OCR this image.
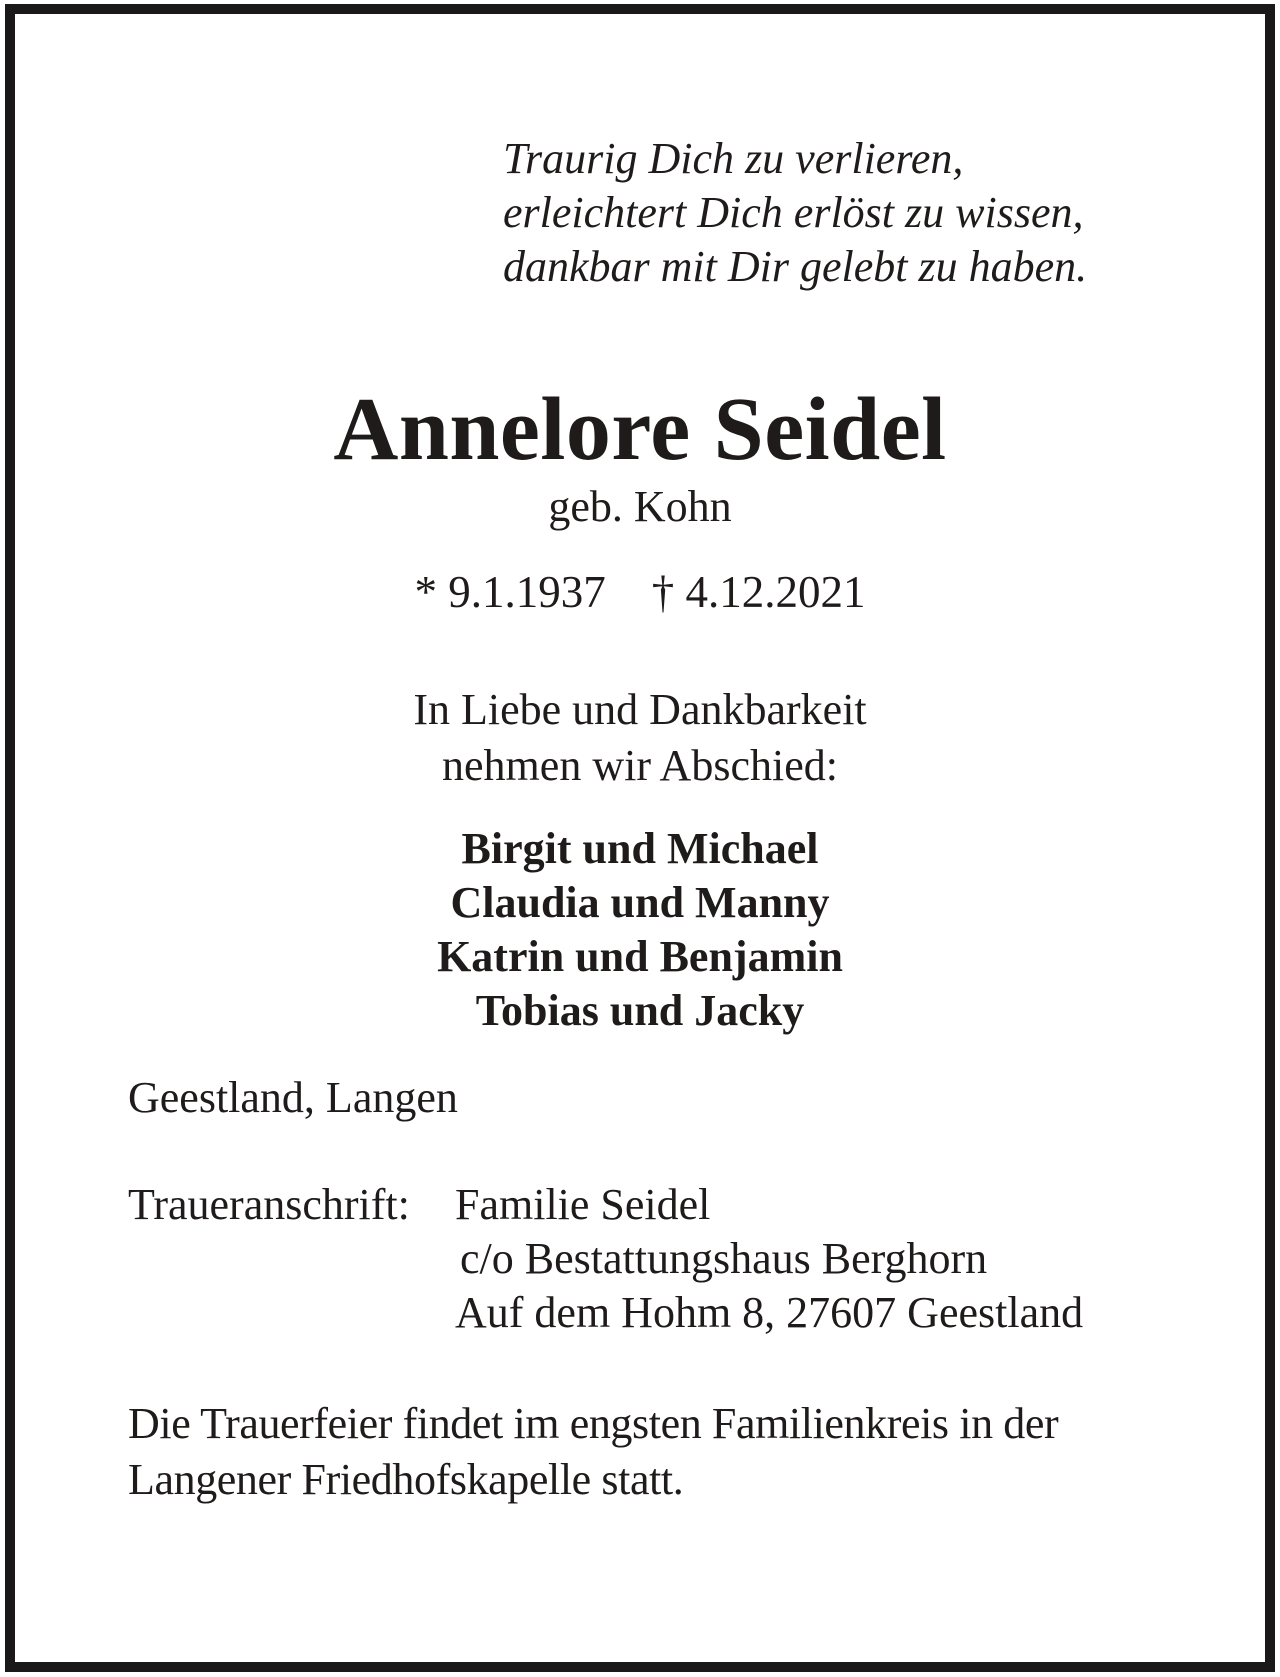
Traurig Dich zu verlieren,
erleichtert Dich erlöst zu wissen,
dankbar mit Dir gelebt zu haben.
Annelore Seidel
geb. Kohn
* 9.1.1937 † 4.12.2021
In Liebe und Dankbarkeit
nehmen wir Abschied:
Birgit und Michael
Claudia und Manny
Katrin und Benjamin
Tobias und Jacky
Geestland, Langen
Traueranschrift: Familie Seidel
c/o Bestattungshaus Berghorn
Auf dem Hohm 8, 27607 Geestland
Die Trauerfeier findet im engsten Familienkreis in der
Langener Friedhofskapelle statt.
